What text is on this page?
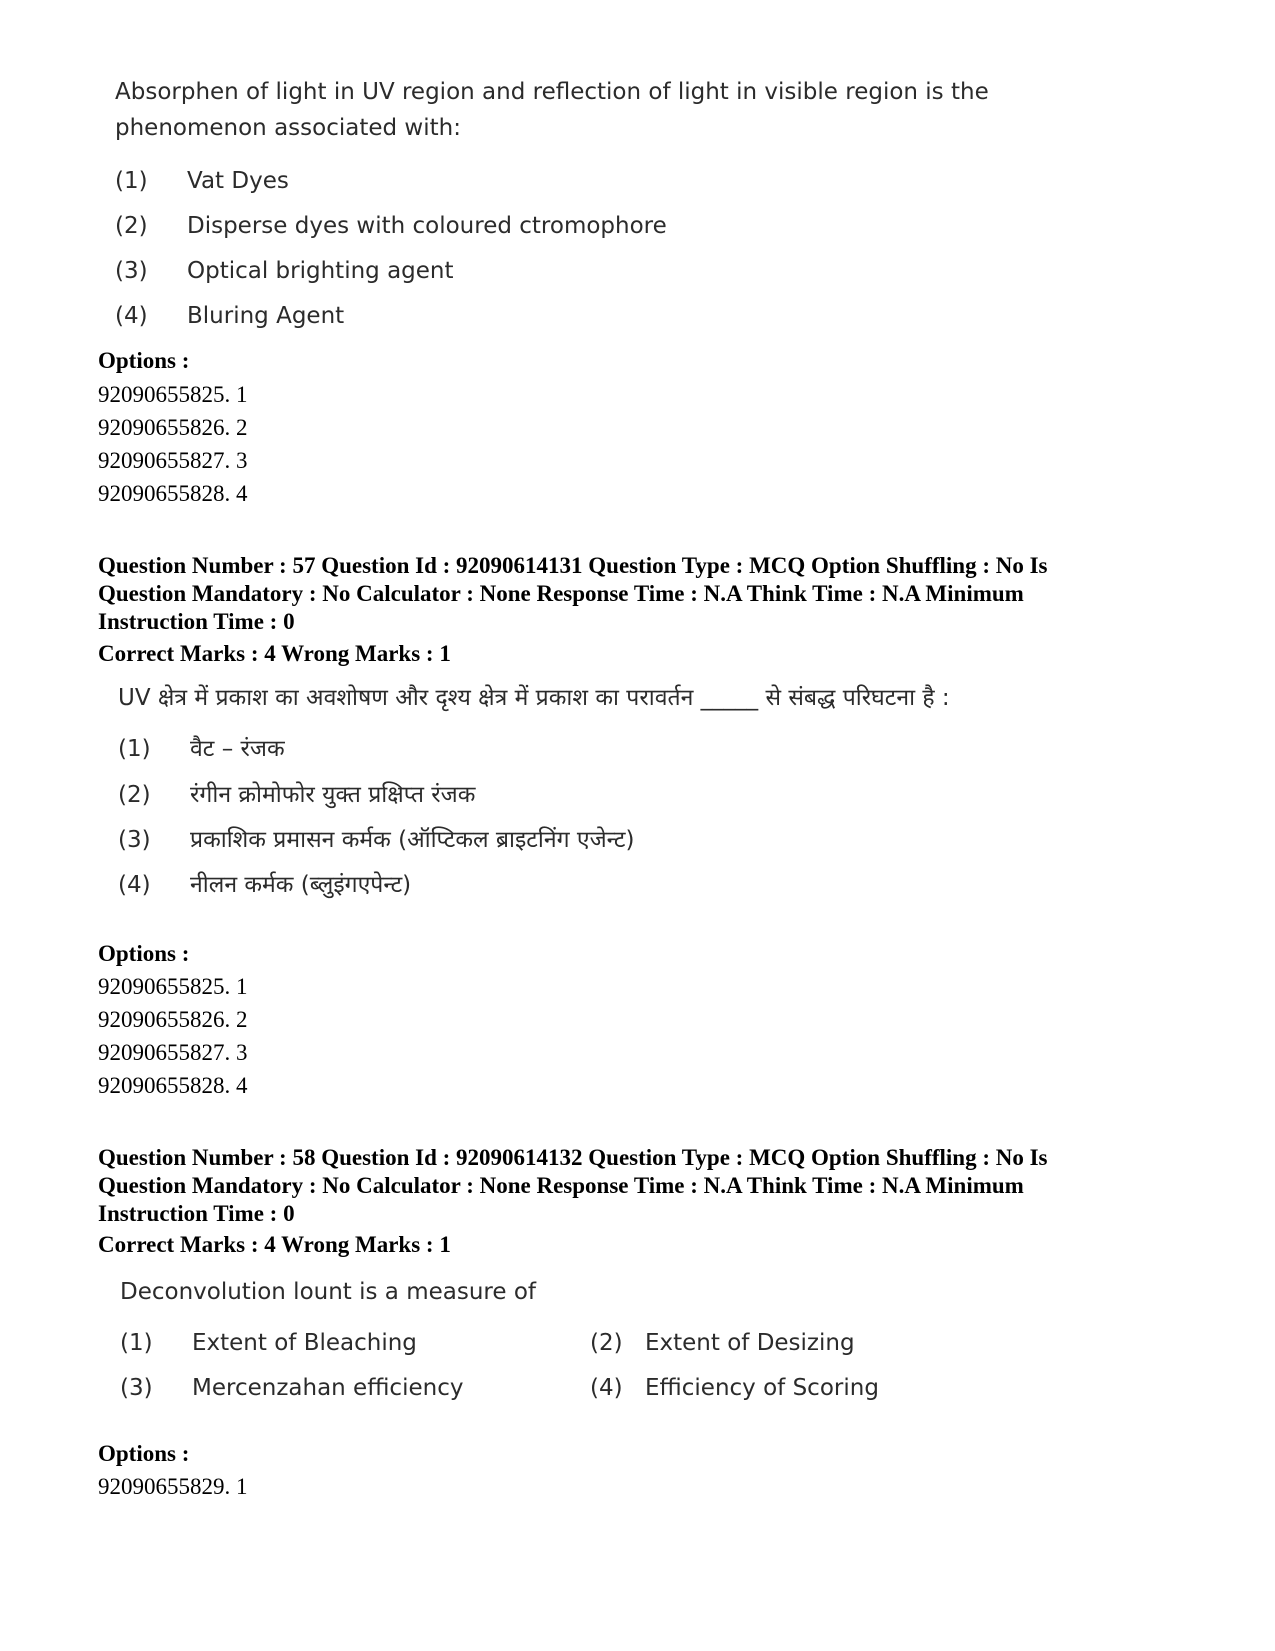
Absorphen of light in UV region and reflection of light in visible region is the
phenomenon associated with:
(1) Vat Dyes
(2) Disperse dyes with coloured ctromophore
(3) Optical brighting agent
(4) Bluring Agent
Options :
92090655825. 1
92090655826. 2
92090655827. 3
92090655828. 4
Question Number : 57 Question Id : 92090614131 Question Type : MCQ Option Shuffling : No Is
Question Mandatory : No Calculator : None Response Time : N.A Think Time : N.A Minimum
Instruction Time : 0
Correct Marks : 4 Wrong Marks : 1
UV क्षेत्र में प्रकाश का अवशोषण और दृश्य क्षेत्र में प्रकाश का परावर्तन _____ से संबद्ध परिघटना है :
(1) वैट – रंजक
(2) रंगीन क्रोमोफोर युक्त प्रक्षिप्त रंजक
(3) प्रकाशिक प्रमासन कर्मक (ऑप्टिकल ब्राइटनिंग एजेन्ट)
(4) नीलन कर्मक (ब्लुइंगएपेन्ट)
Options :
92090655825. 1
92090655826. 2
92090655827. 3
92090655828. 4
Question Number : 58 Question Id : 92090614132 Question Type : MCQ Option Shuffling : No Is
Question Mandatory : No Calculator : None Response Time : N.A Think Time : N.A Minimum
Instruction Time : 0
Correct Marks : 4 Wrong Marks : 1
Deconvolution lount is a measure of
(1) Extent of Bleaching	(2) Extent of Desizing
(3) Mercenzahan efficiency	(4) Efficiency of Scoring
Options :
92090655829. 1
